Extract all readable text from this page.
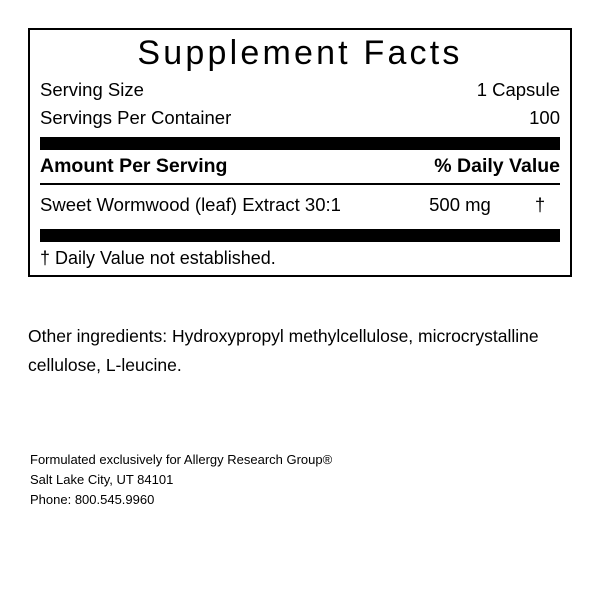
Supplement Facts
Serving Size	1 Capsule
Servings Per Container	100
Amount Per Serving	% Daily Value
Sweet Wormwood (leaf) Extract 30:1	500 mg	†
† Daily Value not established.
Other ingredients: Hydroxypropyl methylcellulose, microcrystalline cellulose, L-leucine.
Formulated exclusively for Allergy Research Group®
Salt Lake City, UT 84101
Phone: 800.545.9960
